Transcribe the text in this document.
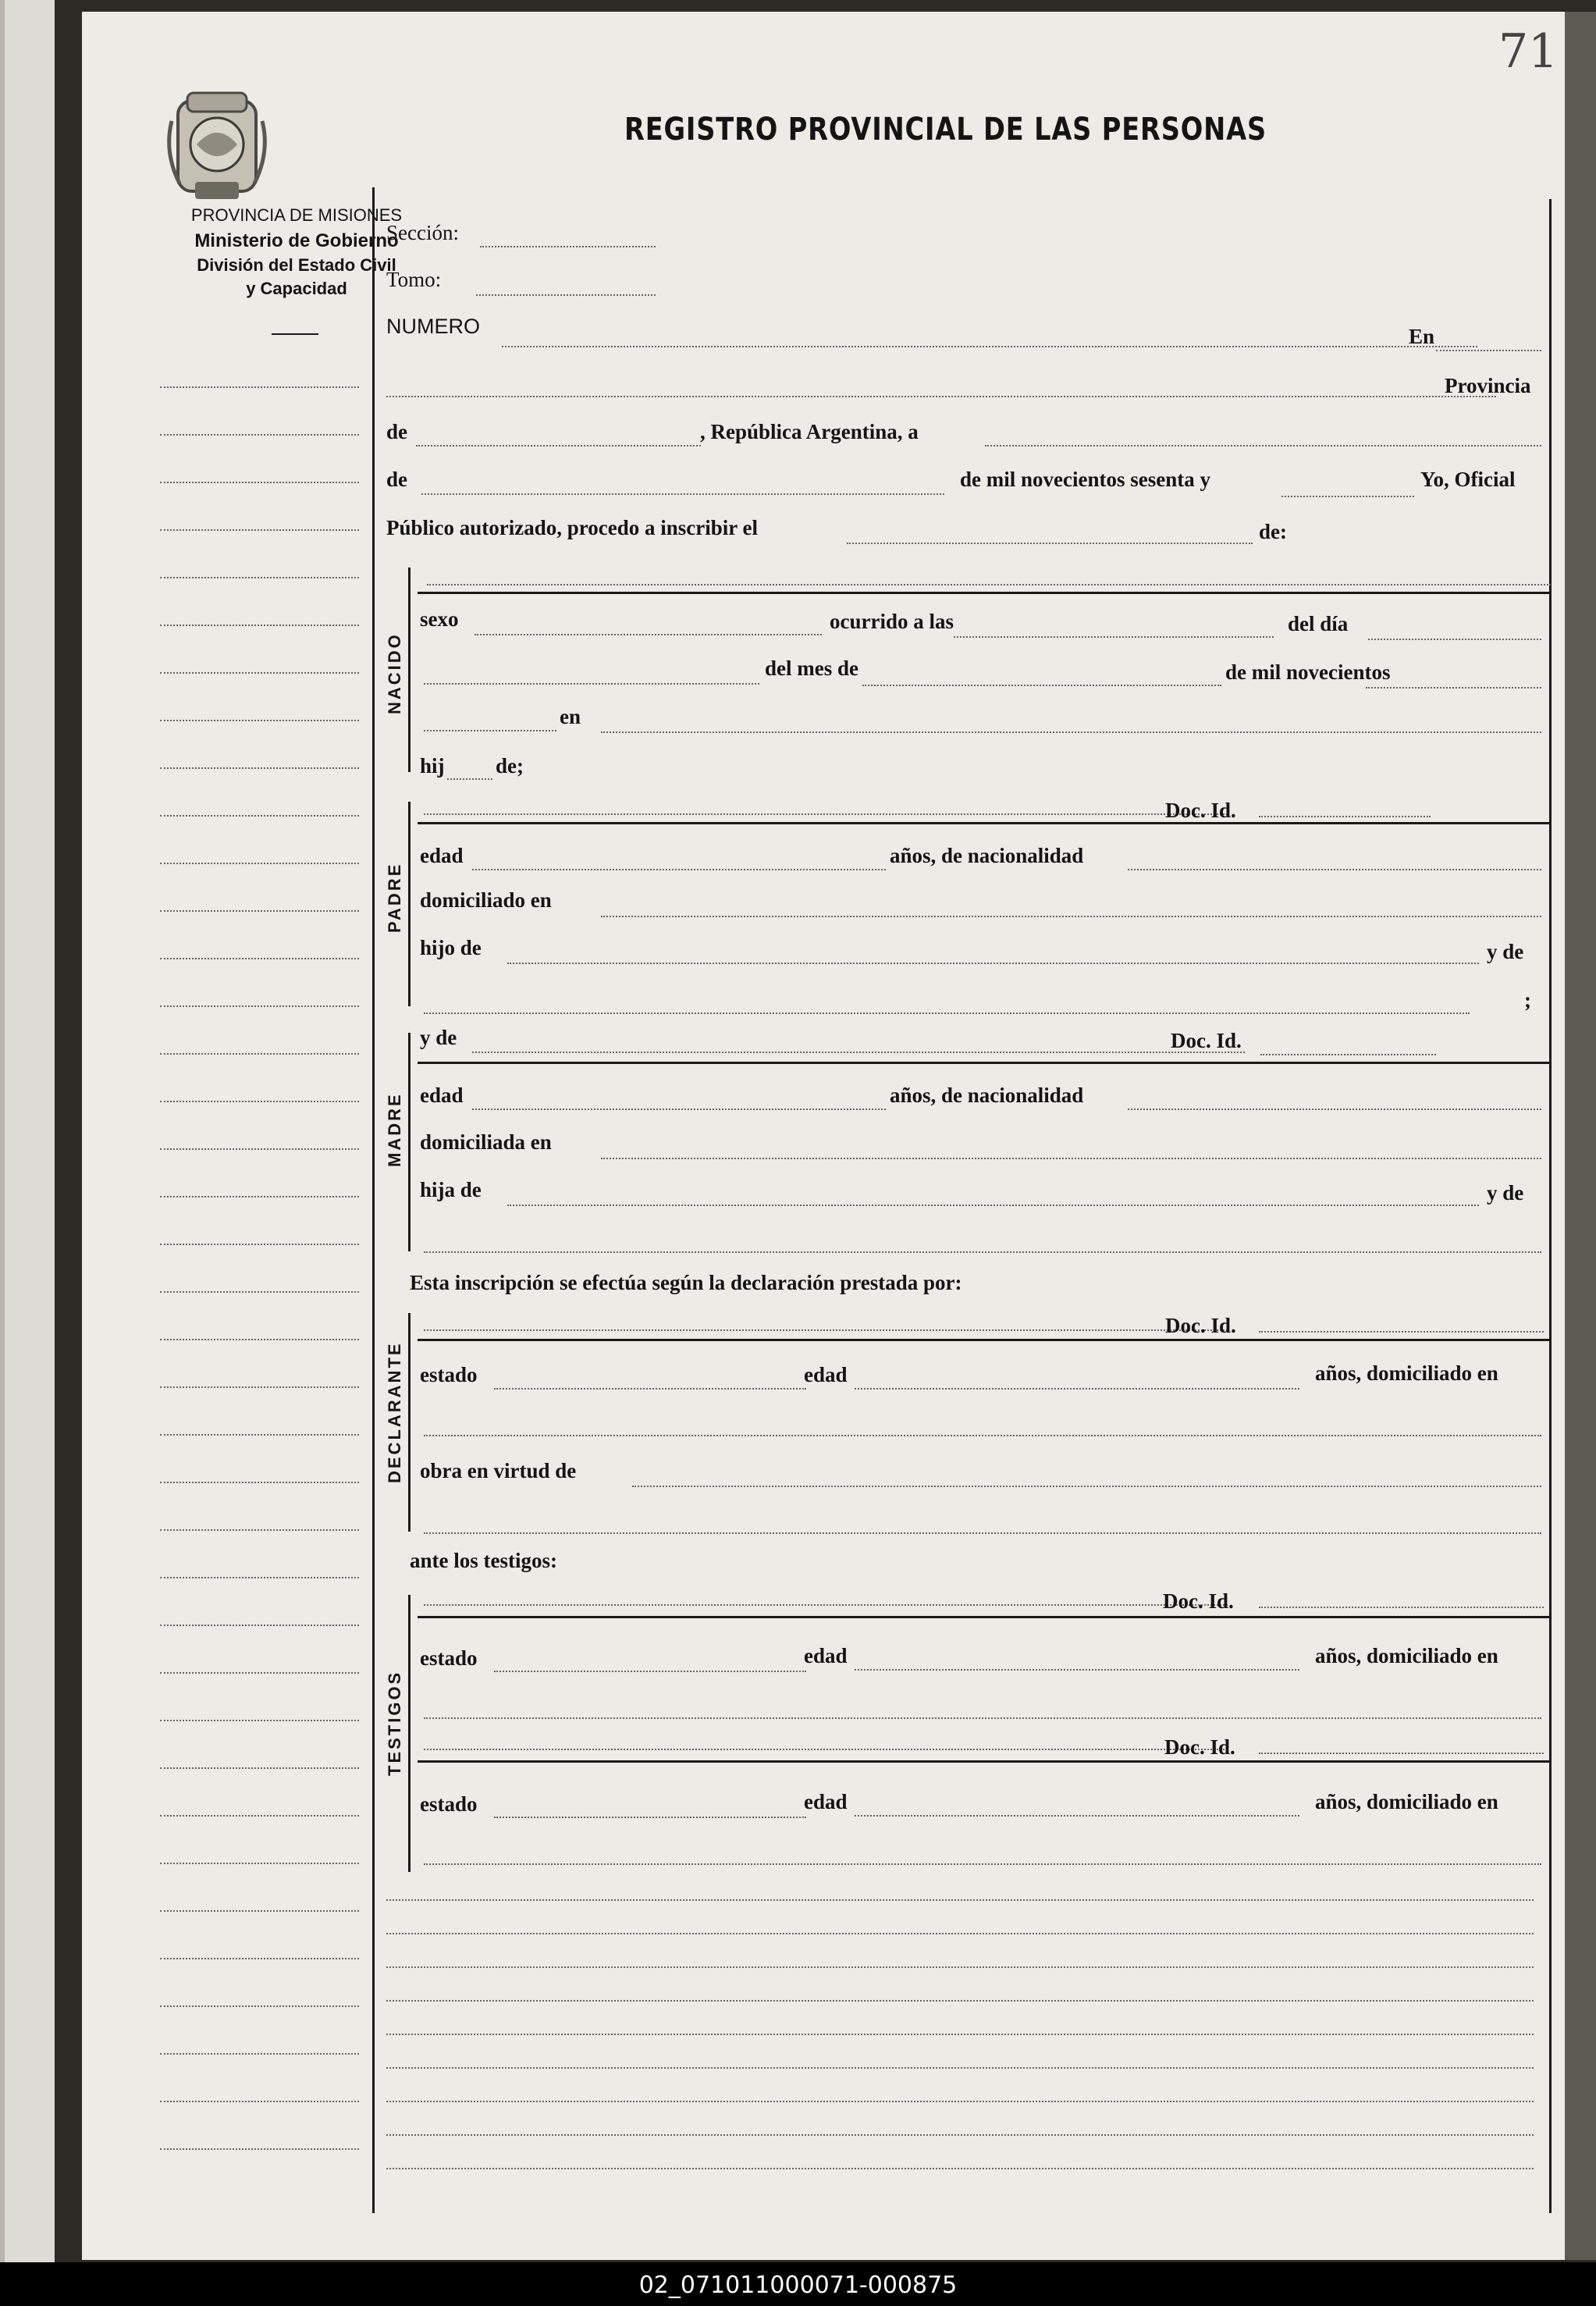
71
REGISTRO PROVINCIAL DE LAS PERSONAS
PROVINCIA DE MISIONES
Ministerio de Gobierno
División del Estado Civil
y Capacidad
Sección:
Tomo:
NUMERO	En
Provincia
de	, República Argentina, a
de	de mil novecientos sesenta y	Yo, Oficial
Público autorizado, procedo a inscribir el	de:
NACIDO
sexo	ocurrido a las	del día
del mes de	de mil novecientos
en
hij de;
PADRE
Doc. Id.
edad	años, de nacionalidad
domiciliado en
hijo de	y de
;
MADRE
y de	Doc. Id.
edad	años, de nacionalidad
domiciliada en
hija de	y de
Esta inscripción se efectúa según la declaración prestada por:
DECLARANTE
Doc. Id.
estado	edad	años, domiciliado en
obra en virtud de
ante los testigos:
TESTIGOS
Doc. Id.
estado	edad	años, domiciliado en
Doc. Id.
estado	edad	años, domiciliado en
02_071011000071-000875
